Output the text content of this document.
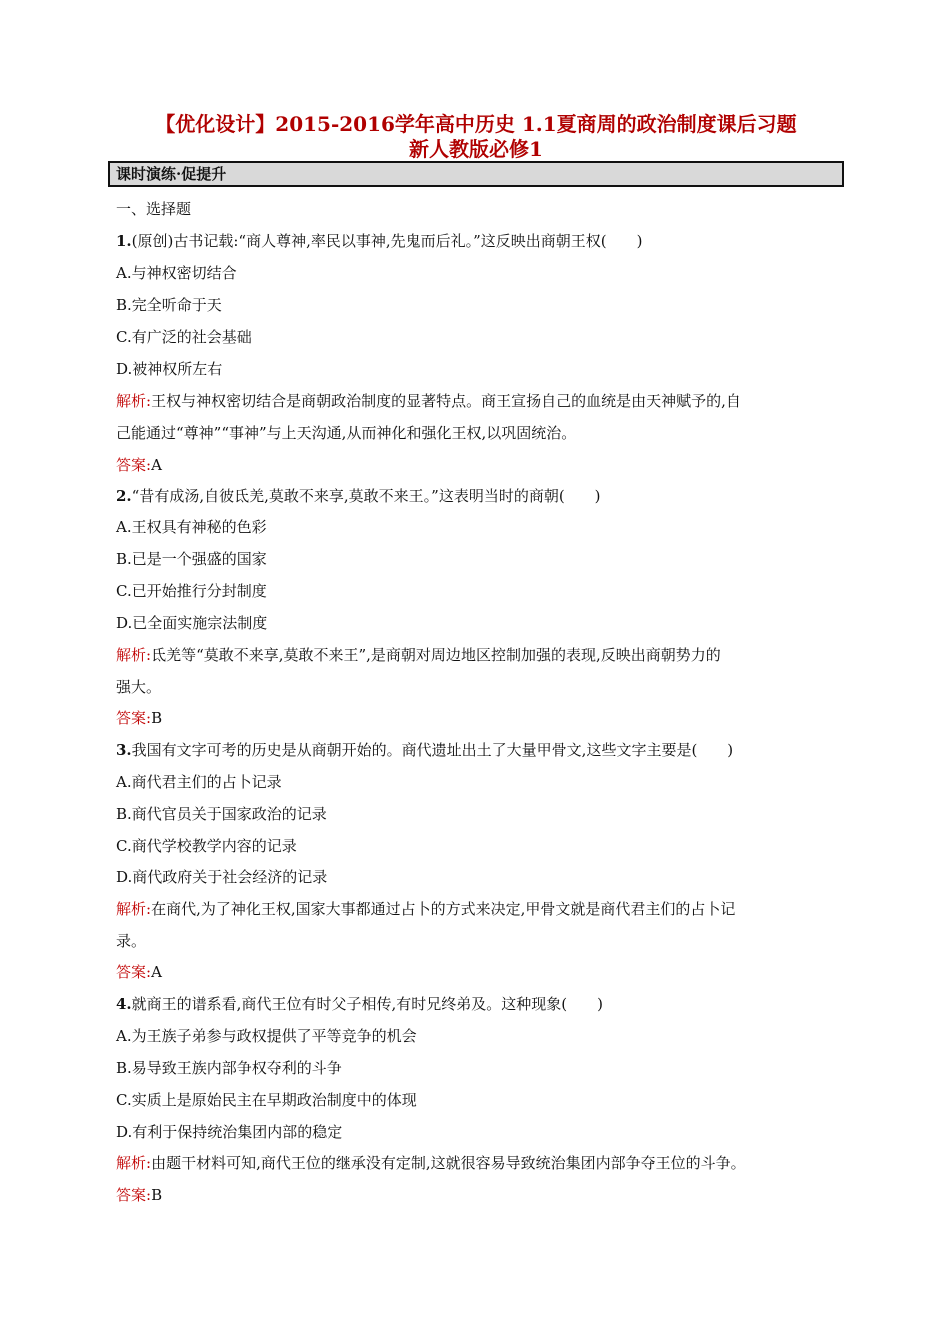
【优化设计】2015-2016学年高中历史 1.1夏商周的政治制度课后习题
新人教版必修1
课时演练·促提升
一、选择题
1.(原创)古书记载:“商人尊神,率民以事神,先鬼而后礼。”这反映出商朝王权(　　)
A.与神权密切结合
B.完全听命于天
C.有广泛的社会基础
D.被神权所左右
解析:王权与神权密切结合是商朝政治制度的显著特点。商王宣扬自己的血统是由天神赋予的,自
己能通过“尊神”“事神”与上天沟通,从而神化和强化王权,以巩固统治。
答案:A
2.“昔有成汤,自彼氐羌,莫敢不来享,莫敢不来王。”这表明当时的商朝(　　)
A.王权具有神秘的色彩
B.已是一个强盛的国家
C.已开始推行分封制度
D.已全面实施宗法制度
解析:氐羌等“莫敢不来享,莫敢不来王”,是商朝对周边地区控制加强的表现,反映出商朝势力的
强大。
答案:B
3.我国有文字可考的历史是从商朝开始的。商代遗址出土了大量甲骨文,这些文字主要是(　　)
A.商代君主们的占卜记录
B.商代官员关于国家政治的记录
C.商代学校教学内容的记录
D.商代政府关于社会经济的记录
解析:在商代,为了神化王权,国家大事都通过占卜的方式来决定,甲骨文就是商代君主们的占卜记
录。
答案:A
4.就商王的谱系看,商代王位有时父子相传,有时兄终弟及。这种现象(　　)
A.为王族子弟参与政权提供了平等竞争的机会
B.易导致王族内部争权夺利的斗争
C.实质上是原始民主在早期政治制度中的体现
D.有利于保持统治集团内部的稳定
解析:由题干材料可知,商代王位的继承没有定制,这就很容易导致统治集团内部争夺王位的斗争。
答案:B
